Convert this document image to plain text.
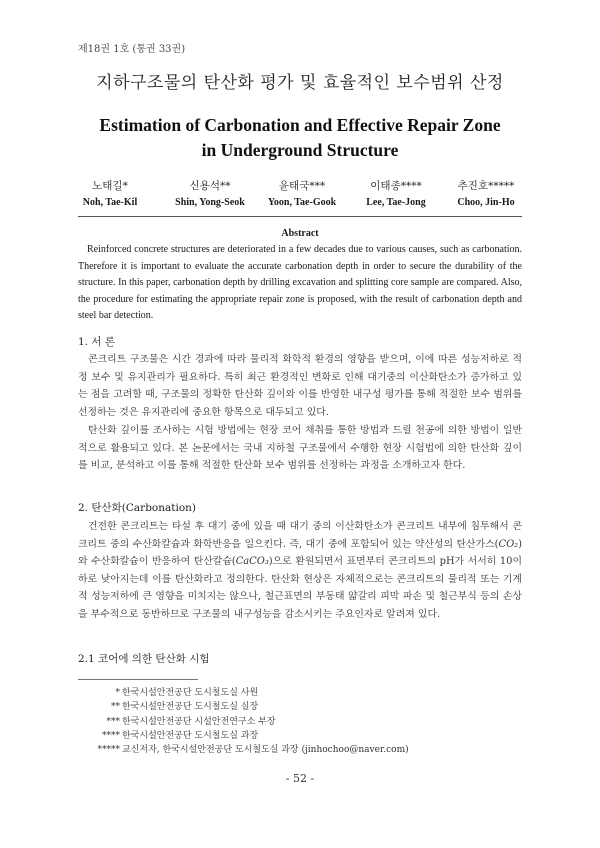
제18권 1호 (통권 33권)
지하구조물의 탄산화 평가 및 효율적인 보수범위 산정
Estimation of Carbonation and Effective Repair Zone
in Underground Structure
노태길*
Noh, Tae-Kil
신용석**
Shin, Yong-Seok
윤태국***
Yoon, Tae-Gook
이태종****
Lee, Tae-Jong
추진호*****
Choo, Jin-Ho
Abstract
Reinforced concrete structures are deteriorated in a few decades due to various causes, such as carbonation. Therefore it is important to evaluate the accurate carbonation depth in order to secure the durability of the structure. In this paper, carbonation depth by drilling excavation and splitting core sample are compared. Also, the procedure for estimating the appropriate repair zone is proposed, with the result of carbonation depth and steel bar detection.
1. 서 론
콘크리트 구조물은 시간 경과에 따라 물리적 화학적 환경의 영향을 받으며, 이에 따른 성능저하로 적정 보수 및 유지관리가 필요하다. 특히 최근 환경적인 변화로 인해 대기중의 이산화탄소가 증가하고 있는 점을 고려할 때, 구조물의 정확한 탄산화 깊이와 이를 반영한 내구성 평가를 통해 적절한 보수 범위를 선정하는 것은 유지관리에 중요한 항목으로 대두되고 있다.
탄산화 깊이를 조사하는 시험 방법에는 현장 코어 채취를 통한 방법과 드릴 천공에 의한 방법이 일반적으로 활용되고 있다. 본 논문에서는 국내 지하철 구조물에서 수행한 현장 시험법에 의한 탄산화 깊이를 비교, 분석하고 이를 통해 적절한 탄산화 보수 범위를 선정하는 과정을 소개하고자 한다.
2. 탄산화(Carbonation)
건전한 콘크리트는 타설 후 대기 중에 있을 때 대기 중의 이산화탄소가 콘크리트 내부에 침투해서 콘크리트 중의 수산화칼슘과 화학반응을 일으킨다. 즉, 대기 중에 포함되어 있는 약산성의 탄산가스(CO₂)와 수산화칼슘이 반응하여 탄산칼슘(CaCO₃)으로 환원되면서 표면부터 콘크리트의 pH가 서서히 10이하로 낮아지는데 이를 탄산화라고 정의한다. 탄산화 현상은 자체적으로는 콘크리트의 물리적 또는 기계적 성능저하에 큰 영향을 미치지는 않으나, 철근표면의 부동태 얇갈리 피막 파손 및 철근부식 등의 손상을 부수적으로 동반하므로 구조물의 내구성능을 감소시키는 주요인자로 알려져 있다.
2.1 코어에 의한 탄산화 시험
* 한국시설안전공단 도시철도실 사원
** 한국시설안전공단 도시철도실 실장
*** 한국시설안전공단 시설안전연구소 부장
**** 한국시설안전공단 도시철도실 과장
***** 교신저자, 한국시설안전공단 도시철도실 과장 (jinhochoo@naver.com)
- 52 -
